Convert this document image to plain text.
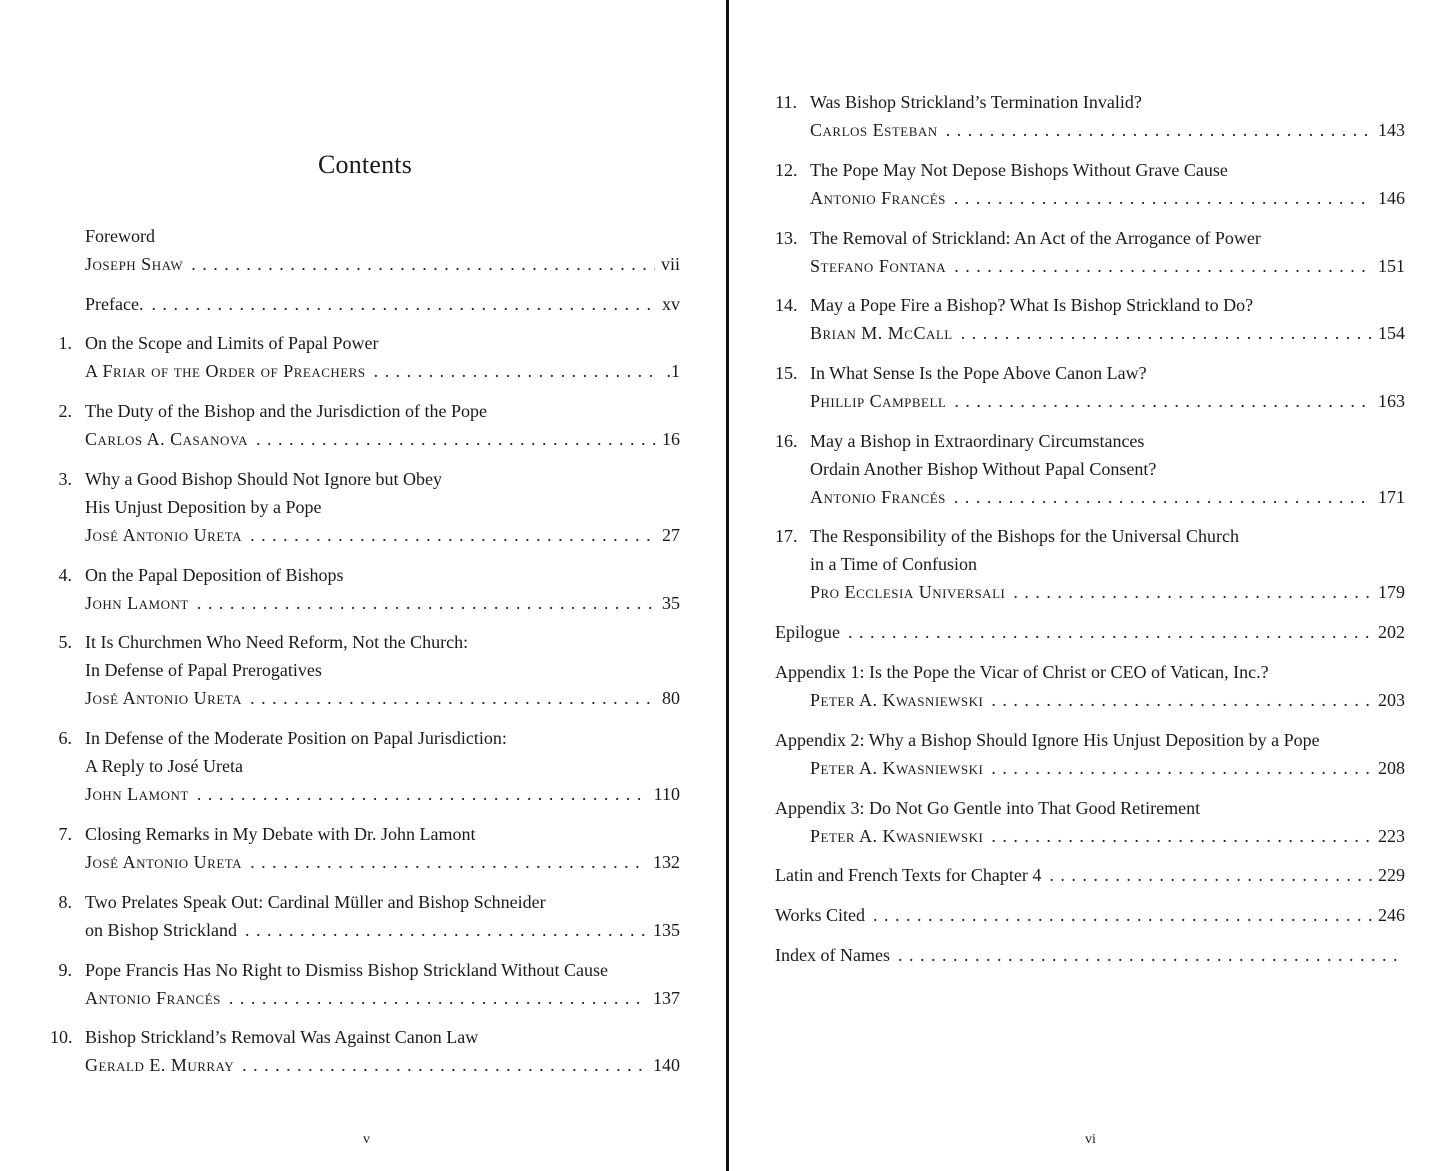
Contents
Foreword
Joseph Shaw . . .	vii
Preface. . . .	xv
1. On the Scope and Limits of Papal Power
A Friar of the Order of Preachers . . .	.1
2. The Duty of the Bishop and the Jurisdiction of the Pope
Carlos A. Casanova . . .	16
3. Why a Good Bishop Should Not Ignore but Obey
His Unjust Deposition by a Pope
José Antonio Ureta . . .	27
4. On the Papal Deposition of Bishops
John Lamont . . .	35
5. It Is Churchmen Who Need Reform, Not the Church:
In Defense of Papal Prerogatives
José Antonio Ureta . . .	80
6. In Defense of the Moderate Position on Papal Jurisdiction:
A Reply to José Ureta
John Lamont . . .	110
7. Closing Remarks in My Debate with Dr. John Lamont
José Antonio Ureta . . .	132
8. Two Prelates Speak Out: Cardinal Müller and Bishop Schneider
on Bishop Strickland . . .	135
9. Pope Francis Has No Right to Dismiss Bishop Strickland Without Cause
Antonio Francés . . .	137
10. Bishop Strickland’s Removal Was Against Canon Law
Gerald E. Murray . . .	140
v
11. Was Bishop Strickland’s Termination Invalid?
Carlos Esteban . . .	143
12. The Pope May Not Depose Bishops Without Grave Cause
Antonio Francés . . .	146
13. The Removal of Strickland: An Act of the Arrogance of Power
Stefano Fontana . . .	151
14. May a Pope Fire a Bishop? What Is Bishop Strickland to Do?
Brian M. McCall . . .	154
15. In What Sense Is the Pope Above Canon Law?
Phillip Campbell . . .	163
16. May a Bishop in Extraordinary Circumstances
Ordain Another Bishop Without Papal Consent?
Antonio Francés . . .	171
17. The Responsibility of the Bishops for the Universal Church
in a Time of Confusion
Pro Ecclesia Universali . . .	179
Epilogue . . .	202
Appendix 1: Is the Pope the Vicar of Christ or CEO of Vatican, Inc.?
Peter A. Kwasniewski . . .	203
Appendix 2: Why a Bishop Should Ignore His Unjust Deposition by a Pope
Peter A. Kwasniewski . . .	208
Appendix 3: Do Not Go Gentle into That Good Retirement
Peter A. Kwasniewski . . .	223
Latin and French Texts for Chapter 4 . . .	229
Works Cited . . .	246
Index of Names
. . .
vi
